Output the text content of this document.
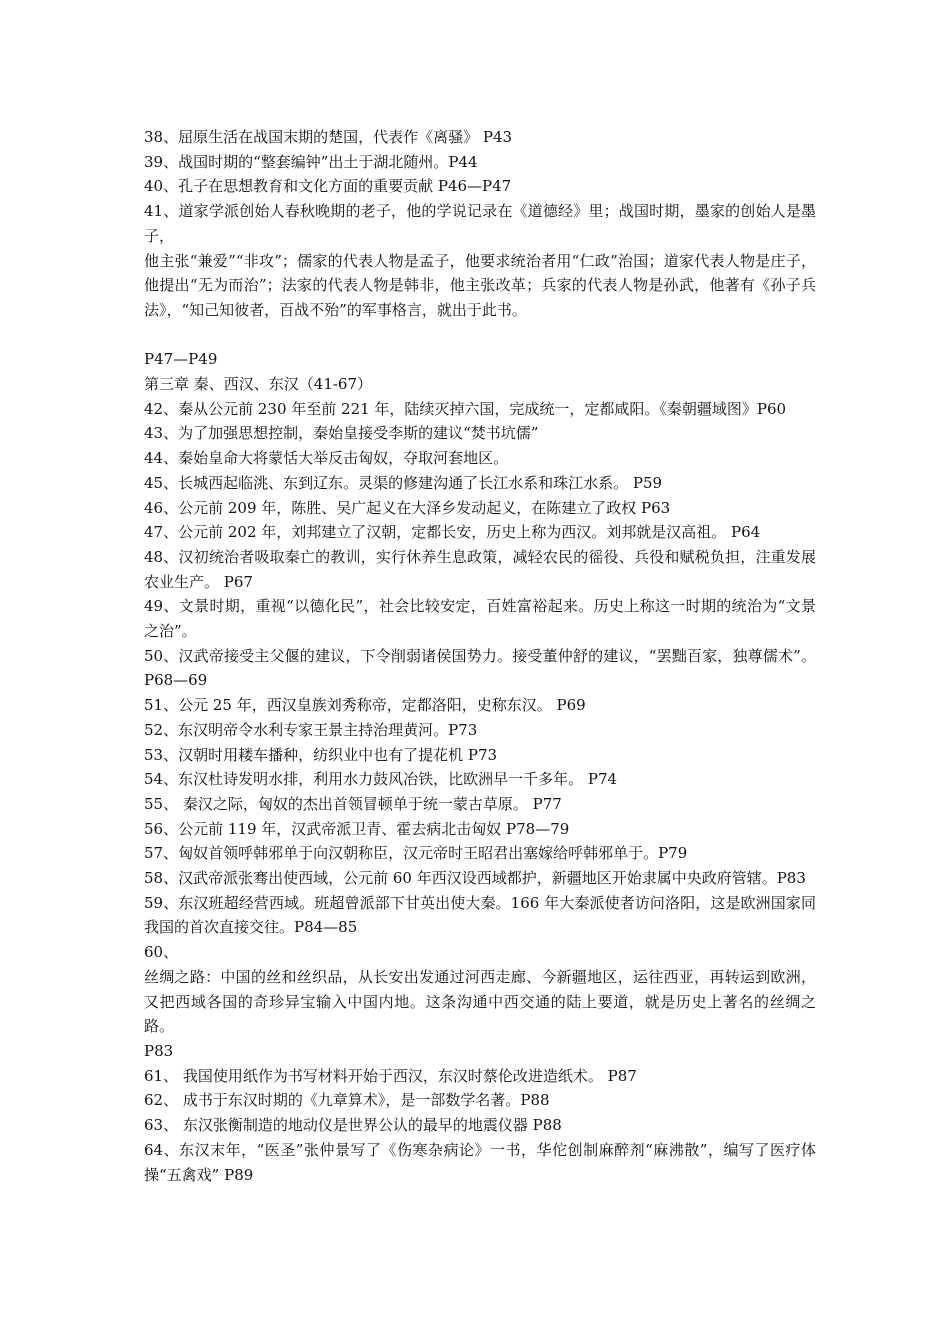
38、屈原生活在战国末期的楚国，代表作《离骚》 P43
39、战国时期的“整套编钟”出土于湖北随州。P44
40、孔子在思想教育和文化方面的重要贡献 P46—P47
41、道家学派创始人春秋晚期的老子，他的学说记录在《道德经》里；战国时期，墨家的创始人是墨子，
他主张“兼爱”“非攻”；儒家的代表人物是孟子，他要求统治者用“仁政”治国；道家代表人物是庄子，他提出“无为而治”；法家的代表人物是韩非，他主张改革；兵家的代表人物是孙武，他著有《孙子兵法》，“知己知彼者，百战不殆”的军事格言，就出于此书。
P47—P49
第三章 秦、西汉、东汉（41-67）
42、秦从公元前 230 年至前 221 年，陆续灭掉六国，完成统一，定都咸阳。《秦朝疆域图》P60
43、为了加强思想控制，秦始皇接受李斯的建议“焚书坑儒”
44、秦始皇命大将蒙恬大举反击匈奴，夺取河套地区。
45、长城西起临洮、东到辽东。灵渠的修建沟通了长江水系和珠江水系。 P59
46、公元前 209 年，陈胜、吴广起义在大泽乡发动起义，在陈建立了政权 P63
47、公元前 202 年，刘邦建立了汉朝，定都长安，历史上称为西汉。刘邦就是汉高祖。 P64
48、汉初统治者吸取秦亡的教训，实行休养生息政策，减轻农民的徭役、兵役和赋税负担，注重发展农业生产。 P67
49、文景时期，重视“以德化民”，社会比较安定，百姓富裕起来。历史上称这一时期的统治为“文景之治”。
50、汉武帝接受主父偃的建议，下令削弱诸侯国势力。接受董仲舒的建议，“罢黜百家，独尊儒术”。P68—69
51、公元 25 年，西汉皇族刘秀称帝，定都洛阳，史称东汉。 P69
52、东汉明帝令水利专家王景主持治理黄河。P73
53、汉朝时用耧车播种，纺织业中也有了提花机 P73
54、东汉杜诗发明水排，利用水力鼓风冶铁，比欧洲早一千多年。 P74
55、 秦汉之际，匈奴的杰出首领冒顿单于统一蒙古草原。 P77
56、公元前 119 年，汉武帝派卫青、霍去病北击匈奴 P78—79
57、匈奴首领呼韩邪单于向汉朝称臣，汉元帝时王昭君出塞嫁给呼韩邪单于。P79
58、汉武帝派张骞出使西域，公元前 60 年西汉设西域都护，新疆地区开始隶属中央政府管辖。P83
59、东汉班超经营西域。班超曾派部下甘英出使大秦。166 年大秦派使者访问洛阳，这是欧洲国家同我国的首次直接交往。P84—85
60、
丝绸之路：中国的丝和丝织品，从长安出发通过河西走廊、今新疆地区，运往西亚，再转运到欧洲，又把西域各国的奇珍异宝输入中国内地。这条沟通中西交通的陆上要道，就是历史上著名的丝绸之路。
P83
61、 我国使用纸作为书写材料开始于西汉，东汉时蔡伦改进造纸术。 P87
62、 成书于东汉时期的《九章算术》，是一部数学名著。P88
63、 东汉张衡制造的地动仪是世界公认的最早的地震仪器 P88
64、东汉末年，“医圣”张仲景写了《伤寒杂病论》一书，华佗创制麻醉剂“麻沸散”，编写了医疗体操“五禽戏” P89
